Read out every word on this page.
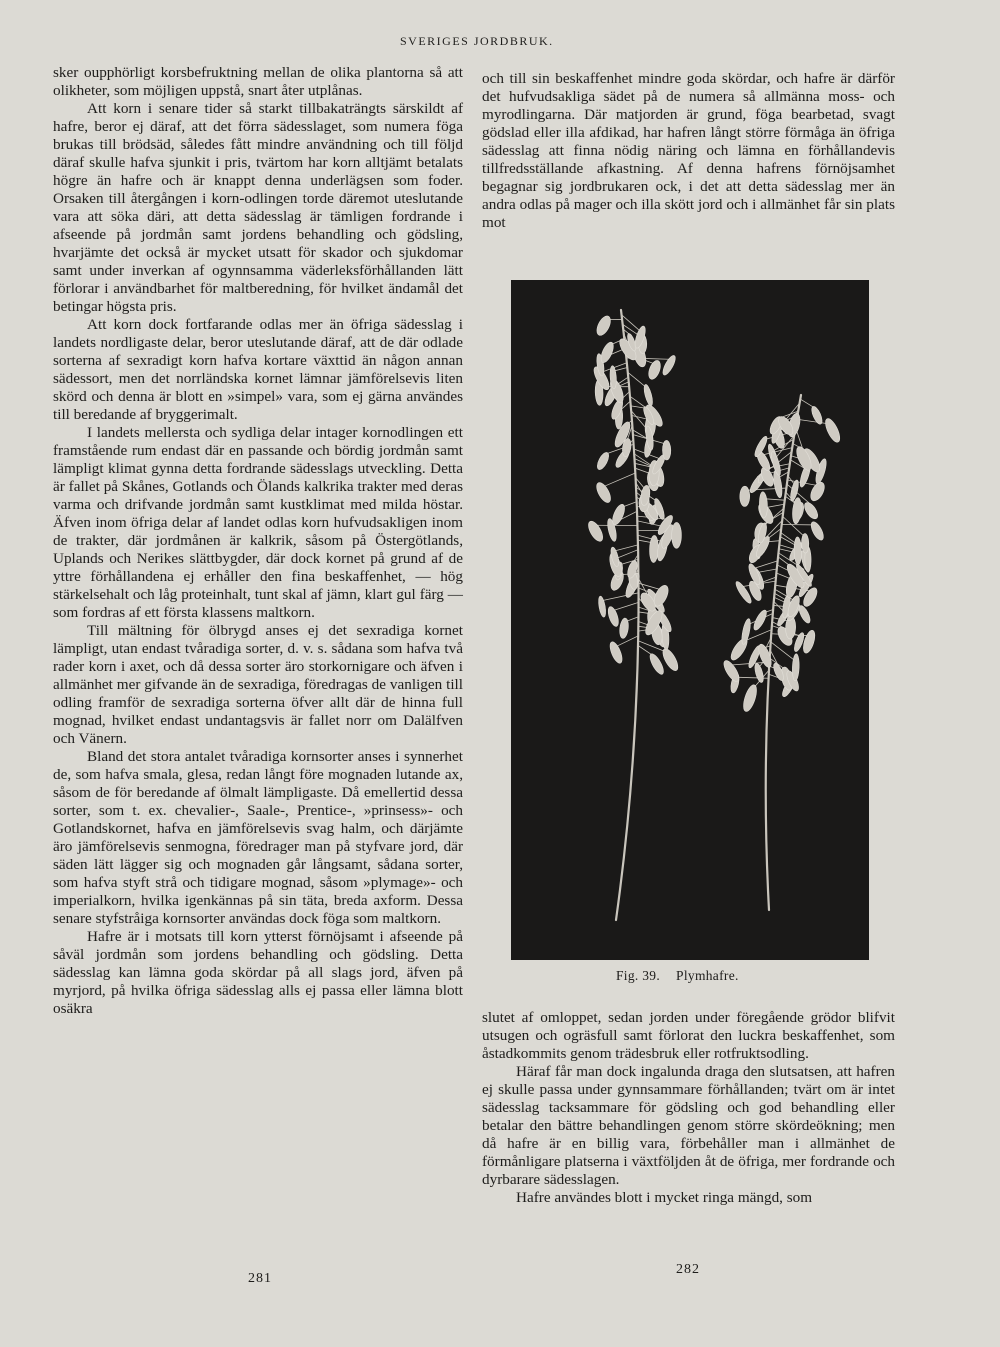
SVERIGES JORDBRUK.

sker oupphörligt korsbefruktning mellan de olika plantorna så att olikheter, som möjligen uppstå, snart åter utplånas.

Att korn i senare tider så starkt tillbakaträngts särskildt af hafre, beror ej däraf, att det förra sädesslaget, som numera föga brukas till brödsäd, således fått mindre användning och till följd däraf skulle hafva sjunkit i pris, tvärtom har korn alltjämt betalats högre än hafre och är knappt denna underlägsen som foder. Orsaken till återgången i korn-odlingen torde däremot uteslutande vara att söka däri, att detta sädesslag är tämligen fordrande i afseende på jordmån samt jordens behandling och gödsling, hvarjämte det också är mycket utsatt för skador och sjukdomar samt under inverkan af ogynnsamma väderleksförhållanden lätt förlorar i användbarhet för maltberedning, för hvilket ändamål det betingar högsta pris.

Att korn dock fortfarande odlas mer än öfriga sädesslag i landets nordligaste delar, beror uteslutande däraf, att de där odlade sorterna af sexradigt korn hafva kortare växttid än någon annan sädessort, men det norrländska kornet lämnar jämförelsevis liten skörd och denna är blott en »simpel» vara, som ej gärna användes till beredande af bryggerimalt.

I landets mellersta och sydliga delar intager kornodlingen ett framstående rum endast där en passande och bördig jordmån samt lämpligt klimat gynna detta fordrande sädesslags utveckling. Detta är fallet på Skånes, Gotlands och Ölands kalkrika trakter med deras varma och drifvande jordmån samt kustklimat med milda höstar. Äfven inom öfriga delar af landet odlas korn hufvudsakligen inom de trakter, där jordmånen är kalkrik, såsom på Östergötlands, Uplands och Nerikes slättbygder, där dock kornet på grund af de yttre förhållandena ej erhåller den fina beskaffenhet, — hög stärkelsehalt och låg proteinhalt, tunt skal af jämn, klart gul färg — som fordras af ett första klassens maltkorn.

Till mältning för ölbrygd anses ej det sexradiga kornet lämpligt, utan endast tvåradiga sorter, d. v. s. sådana som hafva två rader korn i axet, och då dessa sorter äro storkornigare och äfven i allmänhet mer gifvande än de sexradiga, föredragas de vanligen till odling framför de sexradiga sorterna öfver allt där de hinna full mognad, hvilket endast undantagsvis är fallet norr om Dalälfven och Vänern.

Bland det stora antalet tvåradiga kornsorter anses i synnerhet de, som hafva smala, glesa, redan långt före mognaden lutande ax, såsom de för beredande af ölmalt lämpligaste. Då emellertid dessa sorter, som t. ex. chevalier-, Saale-, Prentice-, »prinsess»- och Gotlandskornet, hafva en jämförelsevis svag halm, och därjämte äro jämförelsevis senmogna, föredrager man på styfvare jord, där säden lätt lägger sig och mognaden går långsamt, sådana sorter, som hafva styft strå och tidigare mognad, såsom »plymage»- och imperialkorn, hvilka igenkännas på sin täta, breda axform. Dessa senare styfstråiga kornsorter användas dock föga som maltkorn.

Hafre är i motsats till korn ytterst förnöjsamt i afseende på såväl jordmån som jordens behandling och gödsling. Detta sädesslag kan lämna goda skördar på all slags jord, äfven på myrjord, på hvilka öfriga sädesslag alls ej passa eller lämna blott osäkra

och till sin beskaffenhet mindre goda skördar, och hafre är därför det hufvudsakliga sädet på de numera så allmänna moss- och myrodlingarna. Där matjorden är grund, föga bearbetad, svagt gödslad eller illa afdikad, har hafren långt större förmåga än öfriga sädesslag att finna nödig näring och lämna en förhållandevis tillfredsställande afkastning. Af denna hafrens förnöjsamhet begagnar sig jordbrukaren ock, i det att detta sädesslag mer än andra odlas på mager och illa skött jord och i allmänhet får sin plats mot

Fig. 39. Plymhafre.

slutet af omloppet, sedan jorden under föregående grödor blifvit utsugen och ogräsfull samt förlorat den luckra beskaffenhet, som åstadkommits genom trädesbruk eller rotfruktsodling.

Häraf får man dock ingalunda draga den slutsatsen, att hafren ej skulle passa under gynnsammare förhållanden; tvärt om är intet sädesslag tacksammare för gödsling och god behandling eller betalar den bättre behandlingen genom större skördeökning; men då hafre är en billig vara, förbehåller man i allmänhet de förmånligare platserna i växtföljden åt de öfriga, mer fordrande och dyrbarare sädesslagen.

Hafre användes blott i mycket ringa mängd, som

281
282
